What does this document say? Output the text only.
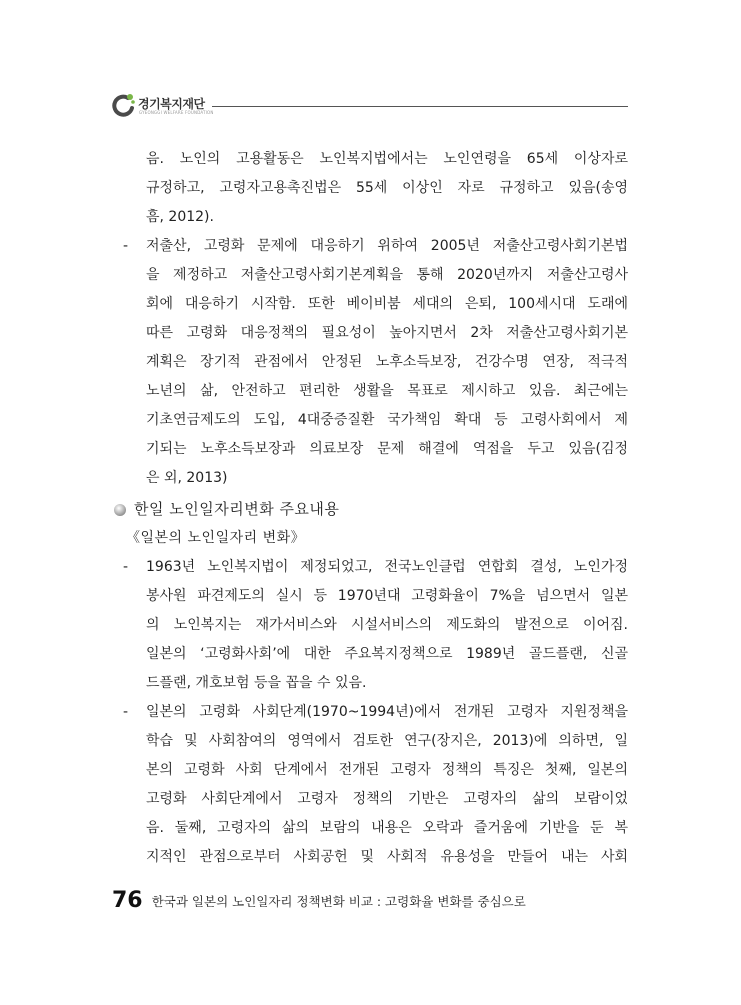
경기복지재단
GYEONGGI WELFARE FOUNDATION
음. 노인의 고용활동은 노인복지법에서는 노인연령을 65세 이상자로
규정하고, 고령자고용촉진법은 55세 이상인 자로 규정하고 있음(송영
흠, 2012).
- 저출산, 고령화 문제에 대응하기 위하여 2005년 저출산고령사회기본법
을 제정하고 저출산고령사회기본계획을 통해 2020년까지 저출산고령사
회에 대응하기 시작함. 또한 베이비붐 세대의 은퇴, 100세시대 도래에
따른 고령화 대응정책의 필요성이 높아지면서 2차 저출산고령사회기본
계획은 장기적 관점에서 안정된 노후소득보장, 건강수명 연장, 적극적
노년의 삶, 안전하고 편리한 생활을 목표로 제시하고 있음. 최근에는
기초연금제도의 도입, 4대중증질환 국가책임 확대 등 고령사회에서 제
기되는 노후소득보장과 의료보장 문제 해결에 역점을 두고 있음(김정
은 외, 2013)
한일 노인일자리변화 주요내용
《일본의 노인일자리 변화》
- 1963년 노인복지법이 제정되었고, 전국노인클럽 연합회 결성, 노인가정
봉사원 파견제도의 실시 등 1970년대 고령화율이 7%을 넘으면서 일본
의 노인복지는 재가서비스와 시설서비스의 제도화의 발전으로 이어짐.
일본의 ‘고령화사회’에 대한 주요복지정책으로 1989년 골드플랜, 신골
드플랜, 개호보험 등을 꼽을 수 있음.
- 일본의 고령화 사회단계(1970~1994년)에서 전개된 고령자 지원정책을
학습 및 사회참여의 영역에서 검토한 연구(장지은, 2013)에 의하면, 일
본의 고령화 사회 단계에서 전개된 고령자 정책의 특징은 첫째, 일본의
고령화 사회단계에서 고령자 정책의 기반은 고령자의 삶의 보람이었
음. 둘째, 고령자의 삶의 보람의 내용은 오락과 즐거움에 기반을 둔 복
지적인 관점으로부터 사회공헌 및 사회적 유용성을 만들어 내는 사회
76 한국과 일본의 노인일자리 정책변화 비교 : 고령화율 변화를 중심으로
